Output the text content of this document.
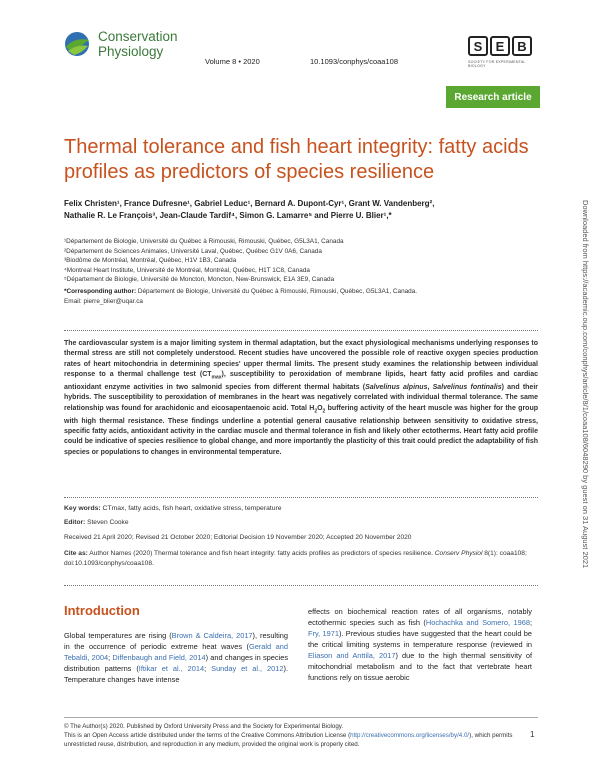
Conservation
Physiology
Volume 8 • 2020	10.1093/conphys/coaa108
S	E B
SOCIETY FOR EXPERIMENTAL BIOLOGY
Research article
Thermal tolerance and fish heart integrity: fatty acids profiles as predictors of species resilience
Felix Christen¹, France Dufresne¹, Gabriel Leduc¹, Bernard A. Dupont-Cyr¹, Grant W. Vandenberg²,
Nathalie R. Le François³, Jean-Claude Tardif⁴, Simon G. Lamarre⁵ and Pierre U. Blier¹,*
¹Département de Biologie, Université du Québec à Rimouski, Rimouski, Québec, G5L3A1, Canada
²Département de Sciences Animales, Université Laval, Québec, Québec G1V 0A6, Canada
³Biodôme de Montréal, Montréal, Québec, H1V 1B3, Canada
⁴Montreal Heart Institute, Université de Montréal, Montréal, Québec, H1T 1C8, Canada
⁵Département de Biologie, Université de Moncton, Moncton, New-Brunswick, E1A 3E9, Canada
*Corresponding author: Département de Biologie, Université du Québec à Rimouski, Rimouski, Québec, G5L3A1, Canada.
Email: pierre_blier@uqar.ca
The cardiovascular system is a major limiting system in thermal adaptation, but the exact physiological mechanisms underlying responses to thermal stress are still not completely understood. Recent studies have uncovered the possible role of reactive oxygen species production rates of heart mitochondria in determining species' upper thermal limits. The present study examines the relationship between individual response to a thermal challenge test $(CT_{max})$, susceptibility to peroxidation of membrane lipids, heart fatty acid profiles and cardiac antioxidant enzyme activities in two salmonid species from different thermal habitats (Salvelinus alpinus, Salvelinus fontinalis) and their hybrids. The susceptibility to peroxidation of membranes in the heart was negatively correlated with individual thermal tolerance. The same relationship was found for arachidonic and eicosapentaenoic acid. Total $H_2O_2$ buffering activity of the heart muscle was higher for the group with high thermal resistance. These findings underline a potential general causative relationship between sensitivity to oxidative stress, specific fatty acids, antioxidant activity in the cardiac muscle and thermal tolerance in fish and likely other ectotherms. Heart fatty acid profile could be indicative of species resilience to global change, and more importantly the plasticity of this trait could predict the adaptability of fish species or populations to changes in environmental temperature.
Key words: CTmax, fatty acids, fish heart, oxidative stress, temperature
Editor: Steven Cooke
Received 21 April 2020; Revised 21 October 2020; Editorial Decision 19 November 2020; Accepted 20 November 2020
Cite as: Author Names (2020) Thermal tolerance and fish heart integrity: fatty acids profiles as predictors of species resilience. Conserv Physiol 8(1): coaa108; doi:10.1093/conphys/coaa108.
Introduction
Global temperatures are rising (Brown & Caldeira, 2017), resulting in the occurrence of periodic extreme heat waves (Gerald and Tebaldi, 2004; Diffenbaugh and Field, 2014) and changes in species distribution patterns (Iftikar et al., 2014; Sunday et al., 2012). Temperature changes have intense
effects on biochemical reaction rates of all organisms, notably ectothermic species such as fish (Hochachka and Somero, 1968; Fry, 1971). Previous studies have suggested that the heart could be the critical limiting systems in temperature response (reviewed in Eliason and Anttila, 2017) due to the high thermal sensitivity of mitochondrial metabolism and to the fact that vertebrate heart functions rely on tissue aerobic
© The Author(s) 2020. Published by Oxford University Press and the Society for Experimental Biology.
This is an Open Access article distributed under the terms of the Creative Commons Attribution License (http://creativecommons.org/licenses/by/4.0/), which permits unrestricted reuse, distribution, and reproduction in any medium, provided the original work is properly cited.
1
Downloaded from https://academic.oup.com/conphys/article/8/1/coaa108/6048290 by guest on 31 August 2021
